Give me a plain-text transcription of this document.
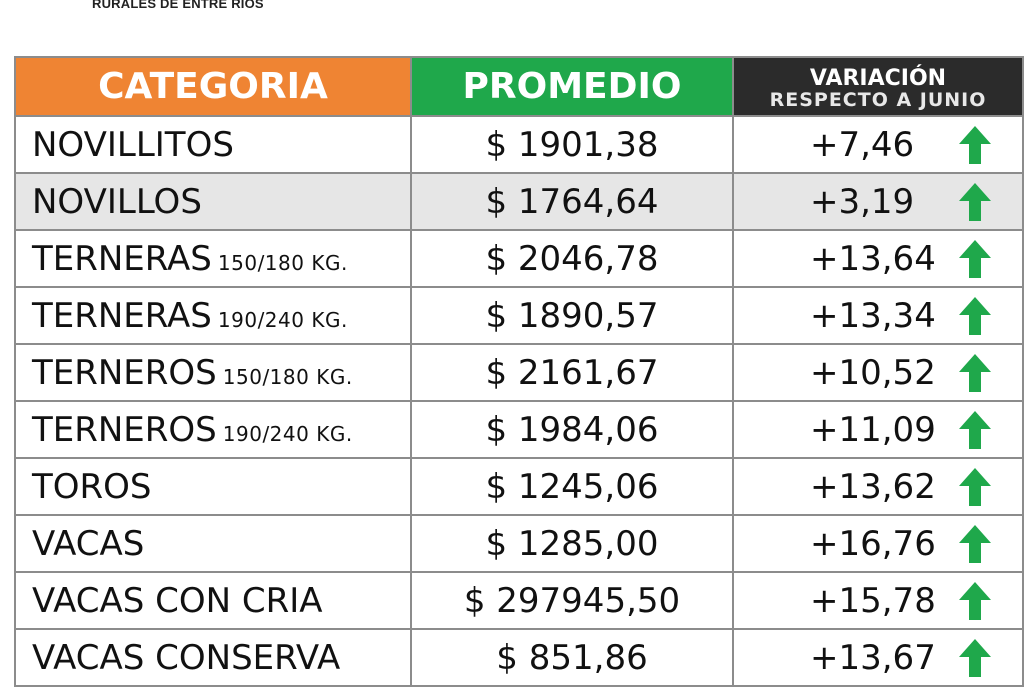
RURALES DE ENTRE RIOS
CATEGORIA	PROMEDIO	VARIACIÓN
RESPECTO A JUNIO

NOVILLITOS	$ 1901,38	+7,46

NOVILLOS	$ 1764,64	+3,19

TERNERAS 150/180 KG.	$ 2046,78	+13,64

TERNERAS 190/240 KG.	$ 1890,57	+13,34

TERNEROS 150/180 KG.	$ 2161,67	+10,52

TERNEROS 190/240 KG.	$ 1984,06	+11,09

TOROS	$ 1245,06	+13,62

VACAS	$ 1285,00	+16,76

VACAS CON CRIA	$ 297945,50	+15,78

VACAS CONSERVA	$ 851,86	+13,67
